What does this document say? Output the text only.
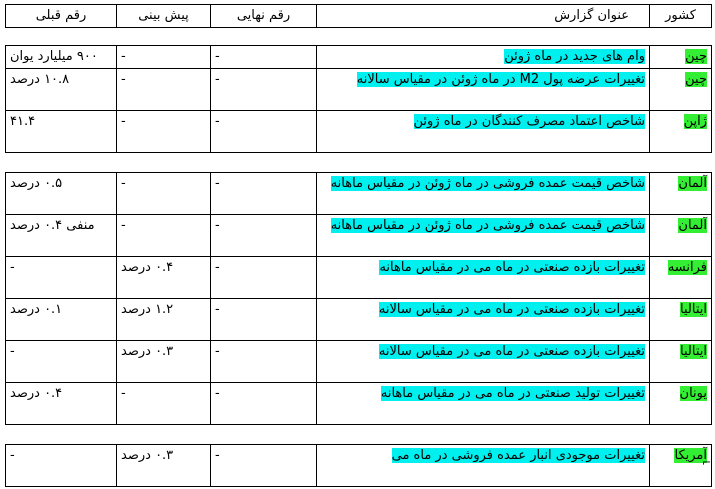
کشور	عنوان گزارش	رقم نهایی	پیش بینی	رقم قبلی
چین	وام های جدید در ماه ژوئن	-	-	۹۰۰ میلیارد یوان
چین	تغییرات عرضه پول M2 در ماه ژوئن در مقیاس سالانه	-	-	۱۰.۸ درصد
ژاپن	شاخص اعتماد مصرف کنندگان در ماه ژوئن	-	-	۴۱.۴
آلمان	شاخص قیمت عمده فروشی در ماه ژوئن در مقیاس ماهانه	-	-	۰.۵ درصد
آلمان	شاخص قیمت عمده فروشی در ماه ژوئن در مقیاس ماهانه	-	-	منفی ۰.۴ درصد
فرانسه	تغییرات بازده صنعتی در ماه می در مقیاس ماهانه	-	۰.۴ درصد	-
ایتالیا	تغییرات بازده صنعتی در ماه می در مقیاس سالانه	-	۱.۲ درصد	۰.۱ درصد
ایتالیا	تغییرات بازده صنعتی در ماه می در مقیاس سالانه	-	۰.۳ درصد	-
یونان	تغییرات تولید صنعتی در ماه می در مقیاس ماهانه	-	-	۰.۴ درصد
آمریکا	تغییرات موجودی انبار عمده فروشی در ماه می	-	۰.۳ درصد	-	⌐
